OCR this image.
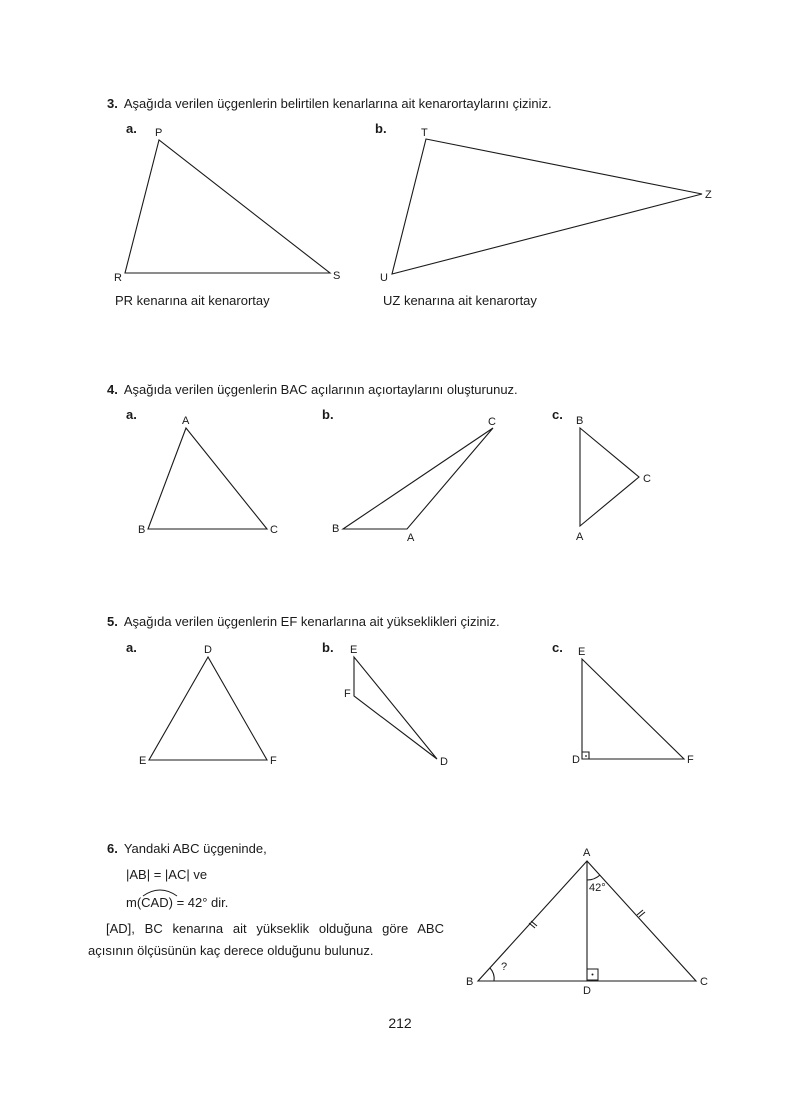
3. Aşağıda verilen üçgenlerin belirtilen kenarlarına ait kenarortaylarını çiziniz.
a.	b.
P
R	S
T
Z
U
A
B	C
C
B
A
B
C
A
D
E	F
E
F
D
E
D	F
A
B	C
D
42°
?
PR kenarına ait kenarortay	UZ kenarına ait kenarortay
4. Aşağıda verilen üçgenlerin BAC açılarının açıortaylarını oluşturunuz.
a.	b.	c.
5. Aşağıda verilen üçgenlerin EF kenarlarına ait yükseklikleri çiziniz.
a.	b.	c.
6. Yandaki ABC üçgeninde,
|AB| = |AC| ve
m(CAD) = 42° dir.
[AD], BC kenarına ait yükseklik olduğuna göre ABC
açısının ölçüsünün kaç derece olduğunu bulunuz.
212
